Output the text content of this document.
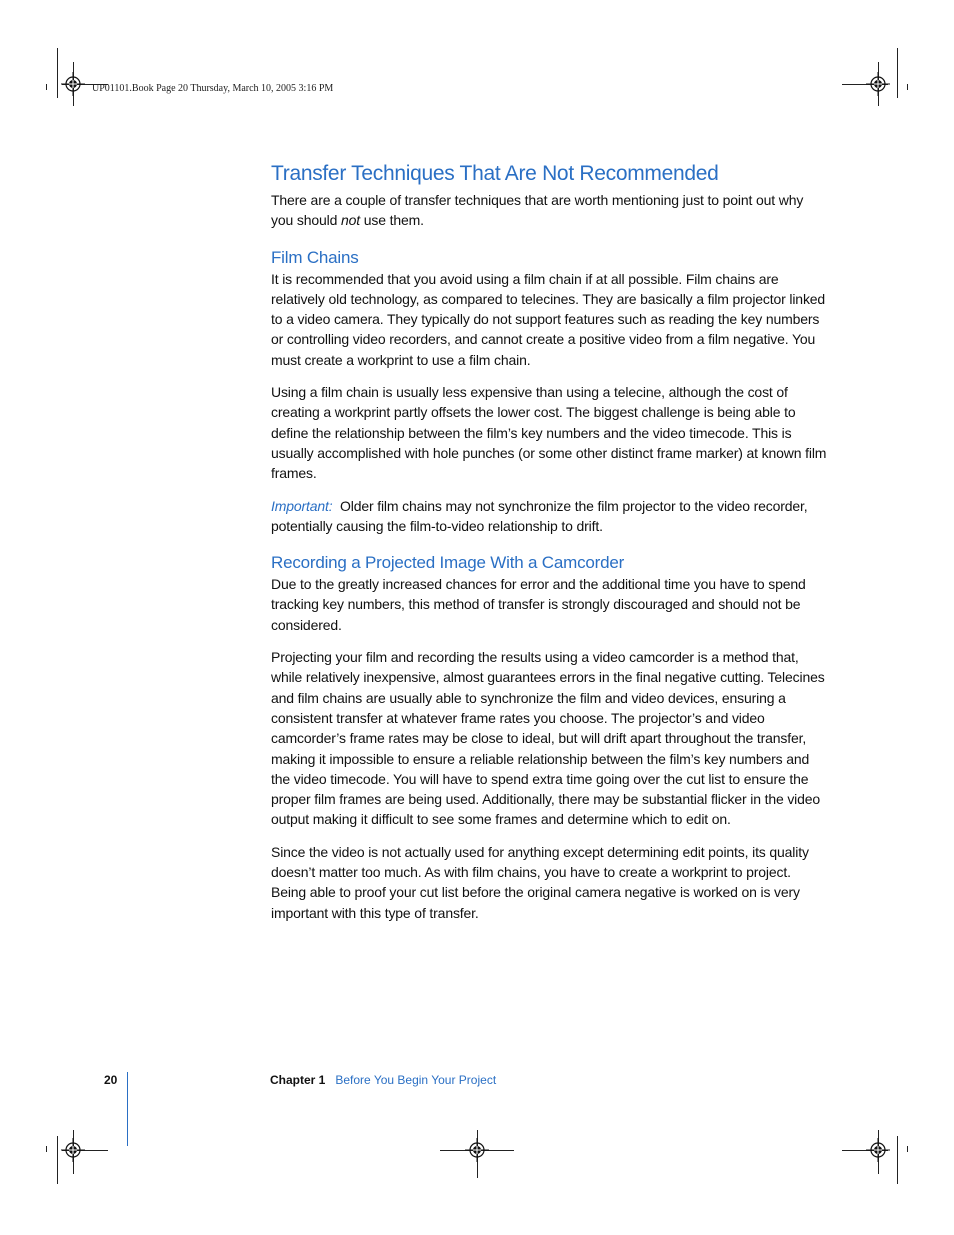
UP01101.Book Page 20 Thursday, March 10, 2005 3:16 PM
Transfer Techniques That Are Not Recommended

There are a couple of transfer techniques that are worth mentioning just to point out why you should not use them.

Film Chains

It is recommended that you avoid using a film chain if at all possible. Film chains are relatively old technology, as compared to telecines. They are basically a film projector linked to a video camera. They typically do not support features such as reading the key numbers or controlling video recorders, and cannot create a positive video from a film negative. You must create a workprint to use a film chain.

Using a film chain is usually less expensive than using a telecine, although the cost of creating a workprint partly offsets the lower cost. The biggest challenge is being able to define the relationship between the film’s key numbers and the video timecode. This is usually accomplished with hole punches (or some other distinct frame marker) at known film frames.

Important:  Older film chains may not synchronize the film projector to the video recorder, potentially causing the film-to-video relationship to drift.

Recording a Projected Image With a Camcorder

Due to the greatly increased chances for error and the additional time you have to spend tracking key numbers, this method of transfer is strongly discouraged and should not be considered.

Projecting your film and recording the results using a video camcorder is a method that, while relatively inexpensive, almost guarantees errors in the final negative cutting. Telecines and film chains are usually able to synchronize the film and video devices, ensuring a consistent transfer at whatever frame rates you choose. The projector’s and video camcorder’s frame rates may be close to ideal, but will drift apart throughout the transfer, making it impossible to ensure a reliable relationship between the film’s key numbers and the video timecode. You will have to spend extra time going over the cut list to ensure the proper film frames are being used. Additionally, there may be substantial flicker in the video output making it difficult to see some frames and determine which to edit on.

Since the video is not actually used for anything except determining edit points, its quality doesn’t matter too much. As with film chains, you have to create a workprint to project. Being able to proof your cut list before the original camera negative is worked on is very important with this type of transfer.

20	Chapter 1 Before You Begin Your Project
